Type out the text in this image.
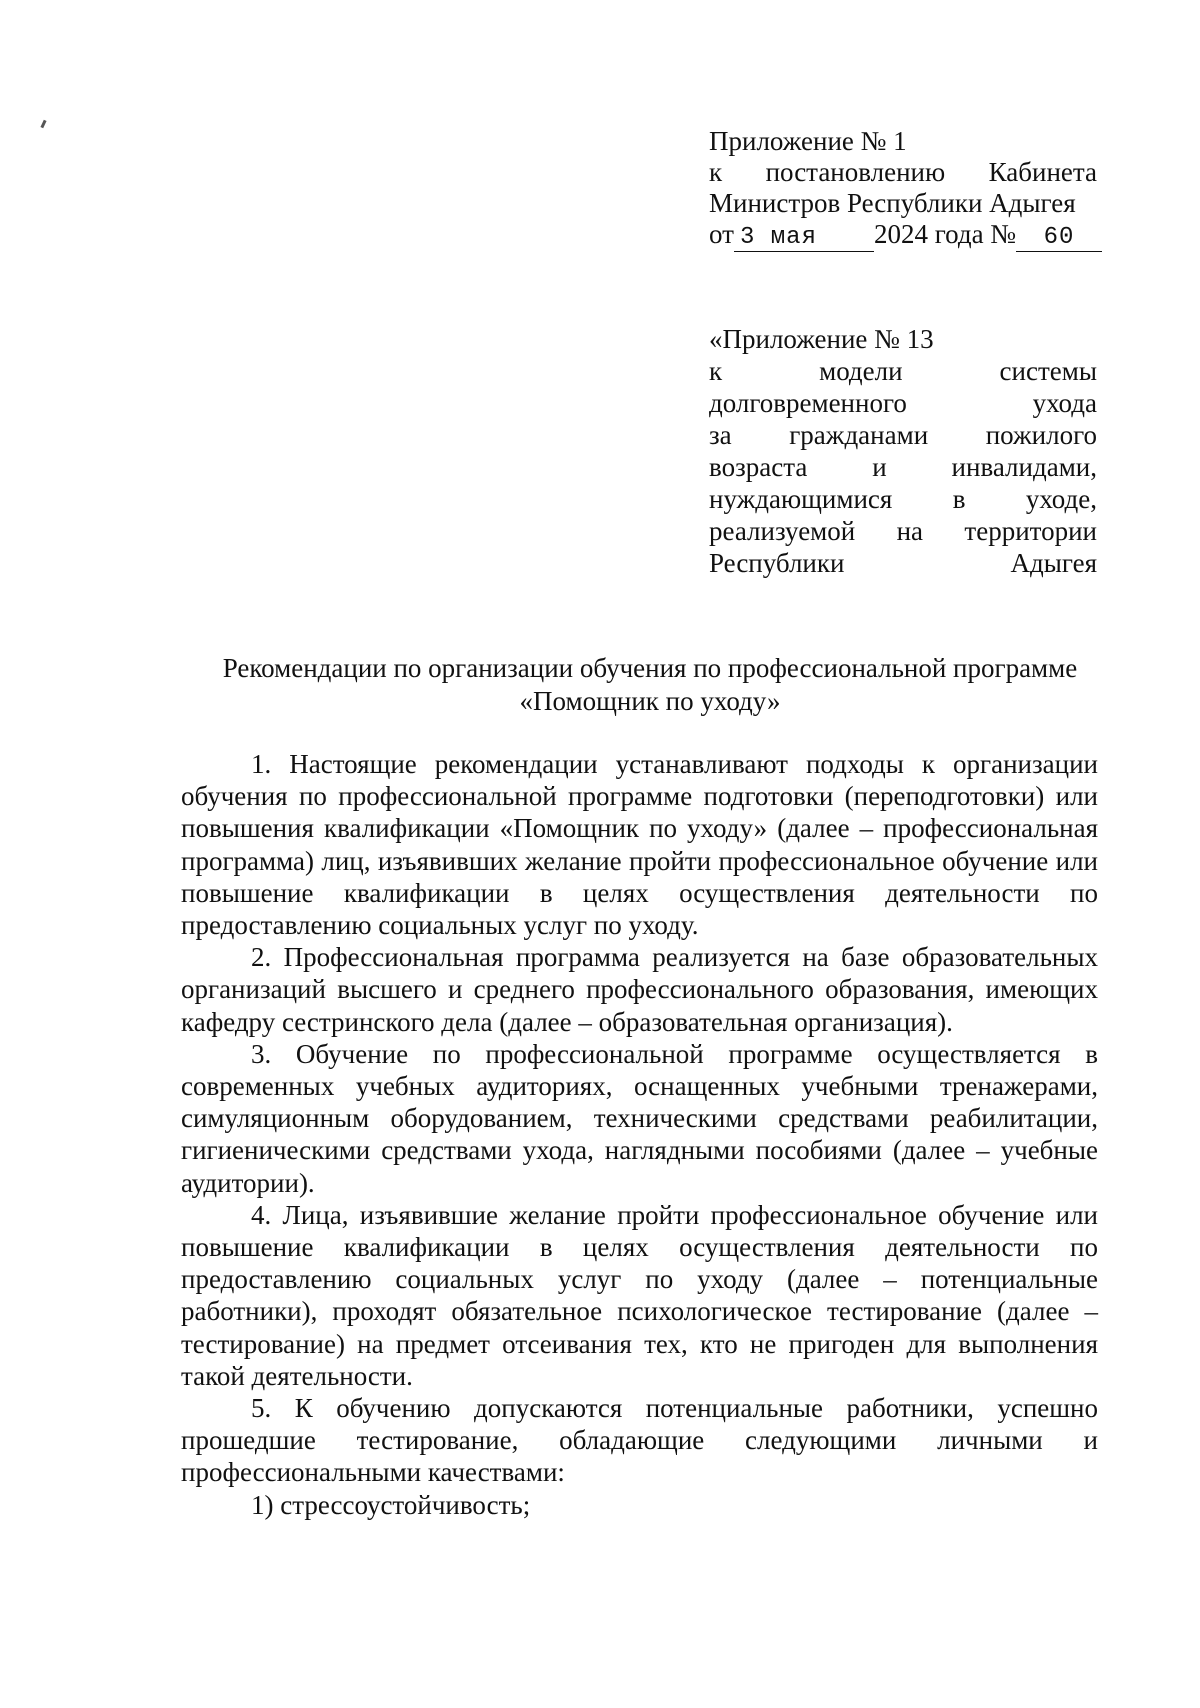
Приложение № 1
к постановлению Кабинета
Министров Республики Адыгея
от 3 мая 2024 года № 60
«Приложение № 13
к	модели	системы
долговременного	ухода
за гражданами пожилого
возраста и инвалидами,
нуждающимися в уходе,
реализуемой на территории
Республики	Адыгея
Рекомендации по организации обучения по профессиональной программе
«Помощник по уходу»

1. Настоящие рекомендации устанавливают подходы к организации обучения по профессиональной программе подготовки (переподготовки) или повышения квалификации «Помощник по уходу» (далее – профессиональная программа) лиц, изъявивших желание пройти профессиональное обучение или повышение квалификации в целях осуществления деятельности по предоставлению социальных услуг по уходу.

2. Профессиональная программа реализуется на базе образовательных организаций высшего и среднего профессионального образования, имеющих кафедру сестринского дела (далее – образовательная организация).

3. Обучение по профессиональной программе осуществляется в современных учебных аудиториях, оснащенных учебными тренажерами, симуляционным оборудованием, техническими средствами реабилитации, гигиеническими средствами ухода, наглядными пособиями (далее – учебные аудитории).

4. Лица, изъявившие желание пройти профессиональное обучение или повышение квалификации в целях осуществления деятельности по предоставлению социальных услуг по уходу (далее – потенциальные работники), проходят обязательное психологическое тестирование (далее – тестирование) на предмет отсеивания тех, кто не пригоден для выполнения такой деятельности.

5. К обучению допускаются потенциальные работники, успешно прошедшие тестирование, обладающие следующими личными и профессиональными качествами:

1) стрессоустойчивость;
